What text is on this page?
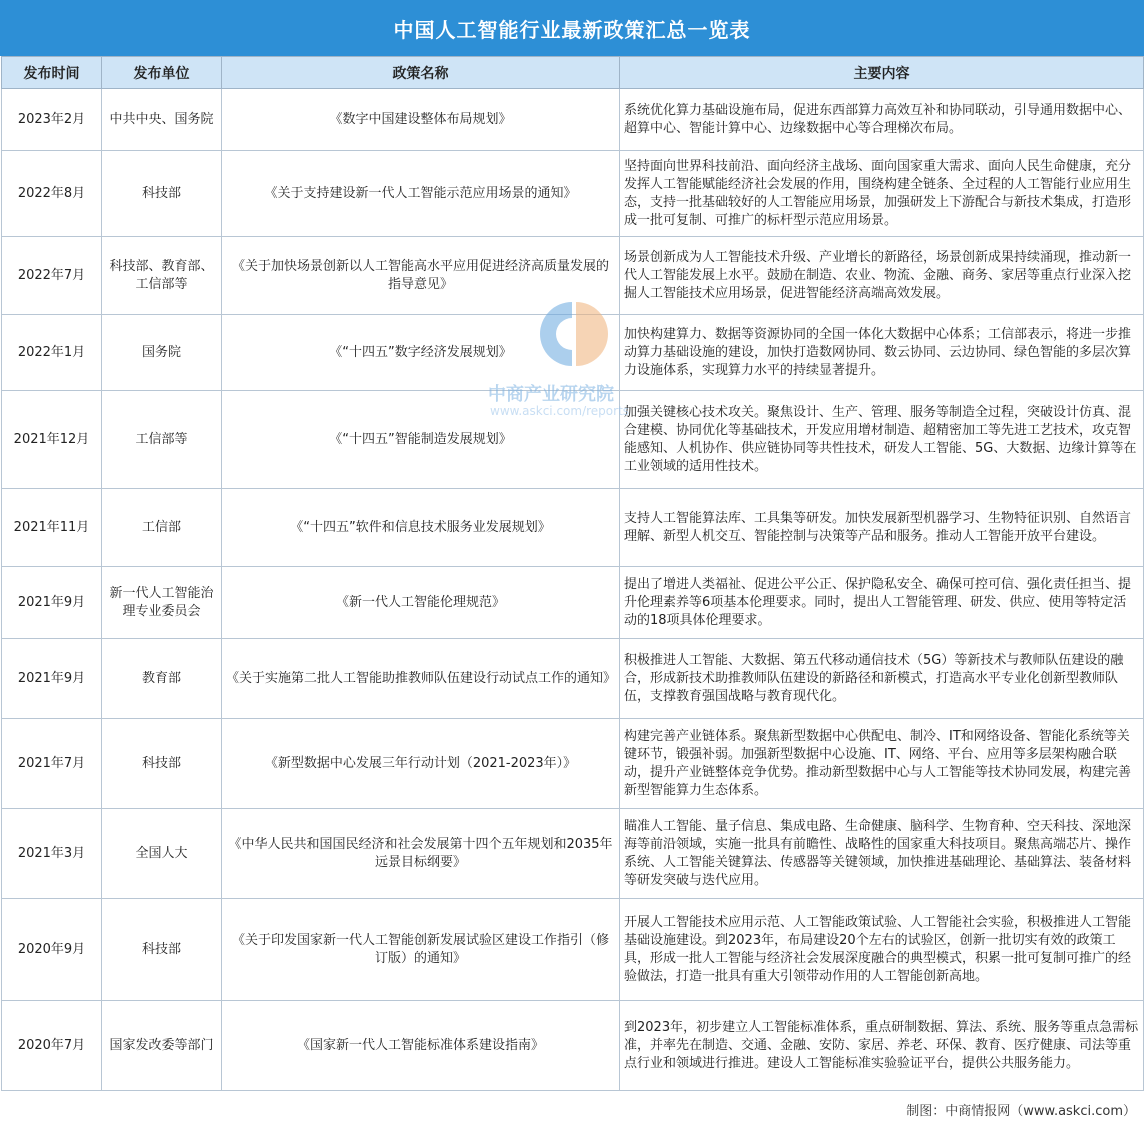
中国人工智能行业最新政策汇总一览表
发布时间	发布单位	政策名称	主要内容
2023年2月	中共中央、国务院	《数字中国建设整体布局规划》	系统优化算力基础设施布局，促进东西部算力高效互补和协同联动，引导通用数据中心、超算中心、智能计算中心、边缘数据中心等合理梯次布局。
2022年8月	科技部	《关于支持建设新一代人工智能示范应用场景的通知》	坚持面向世界科技前沿、面向经济主战场、面向国家重大需求、面向人民生命健康，充分发挥人工智能赋能经济社会发展的作用，围绕构建全链条、全过程的人工智能行业应用生态，支持一批基础较好的人工智能应用场景，加强研发上下游配合与新技术集成，打造形成一批可复制、可推广的标杆型示范应用场景。
2022年7月	科技部、教育部、工信部等	《关于加快场景创新以人工智能高水平应用促进经济高质量发展的指导意见》	场景创新成为人工智能技术升级、产业增长的新路径，场景创新成果持续涌现，推动新一代人工智能发展上水平。鼓励在制造、农业、物流、金融、商务、家居等重点行业深入挖掘人工智能技术应用场景，促进智能经济高端高效发展。
2022年1月	国务院	《“十四五”数字经济发展规划》	加快构建算力、数据等资源协同的全国一体化大数据中心体系；工信部表示，将进一步推动算力基础设施的建设，加快打造数网协同、数云协同、云边协同、绿色智能的多层次算力设施体系，实现算力水平的持续显著提升。
2021年12月	工信部等	《“十四五”智能制造发展规划》	加强关键核心技术攻关。聚焦设计、生产、管理、服务等制造全过程，突破设计仿真、混合建模、协同优化等基础技术，开发应用增材制造、超精密加工等先进工艺技术，攻克智能感知、人机协作、供应链协同等共性技术，研发人工智能、5G、大数据、边缘计算等在工业领域的适用性技术。
2021年11月	工信部	《“十四五”软件和信息技术服务业发展规划》	支持人工智能算法库、工具集等研发。加快发展新型机器学习、生物特征识别、自然语言理解、新型人机交互、智能控制与决策等产品和服务。推动人工智能开放平台建设。
2021年9月	新一代人工智能治理专业委员会	《新一代人工智能伦理规范》	提出了增进人类福祉、促进公平公正、保护隐私安全、确保可控可信、强化责任担当、提升伦理素养等6项基本伦理要求。同时，提出人工智能管理、研发、供应、使用等特定活动的18项具体伦理要求。
2021年9月	教育部	《关于实施第二批人工智能助推教师队伍建设行动试点工作的通知》	积极推进人工智能、大数据、第五代移动通信技术（5G）等新技术与教师队伍建设的融合，形成新技术助推教师队伍建设的新路径和新模式，打造高水平专业化创新型教师队伍，支撑教育强国战略与教育现代化。
2021年7月	科技部	《新型数据中心发展三年行动计划（2021-2023年）》	构建完善产业链体系。聚焦新型数据中心供配电、制冷、IT和网络设备、智能化系统等关键环节，锻强补弱。加强新型数据中心设施、IT、网络、平台、应用等多层架构融合联动，提升产业链整体竞争优势。推动新型数据中心与人工智能等技术协同发展，构建完善新型智能算力生态体系。
2021年3月	全国人大	《中华人民共和国国民经济和社会发展第十四个五年规划和2035年远景目标纲要》	瞄准人工智能、量子信息、集成电路、生命健康、脑科学、生物育种、空天科技、深地深海等前沿领域，实施一批具有前瞻性、战略性的国家重大科技项目。聚焦高端芯片、操作系统、人工智能关键算法、传感器等关键领域，加快推进基础理论、基础算法、装备材料等研发突破与迭代应用。
2020年9月	科技部	《关于印发国家新一代人工智能创新发展试验区建设工作指引（修订版）的通知》	开展人工智能技术应用示范、人工智能政策试验、人工智能社会实验，积极推进人工智能基础设施建设。到2023年，布局建设20个左右的试验区，创新一批切实有效的政策工具，形成一批人工智能与经济社会发展深度融合的典型模式，积累一批可复制可推广的经验做法，打造一批具有重大引领带动作用的人工智能创新高地。
2020年7月	国家发改委等部门	《国家新一代人工智能标准体系建设指南》	到2023年，初步建立人工智能标准体系，重点研制数据、算法、系统、服务等重点急需标准，并率先在制造、交通、金融、安防、家居、养老、环保、教育、医疗健康、司法等重点行业和领域进行推进。建设人工智能标准实验验证平台，提供公共服务能力。
中商产业研究院
www.askci.com/reports
制图：中商情报网（www.askci.com）
